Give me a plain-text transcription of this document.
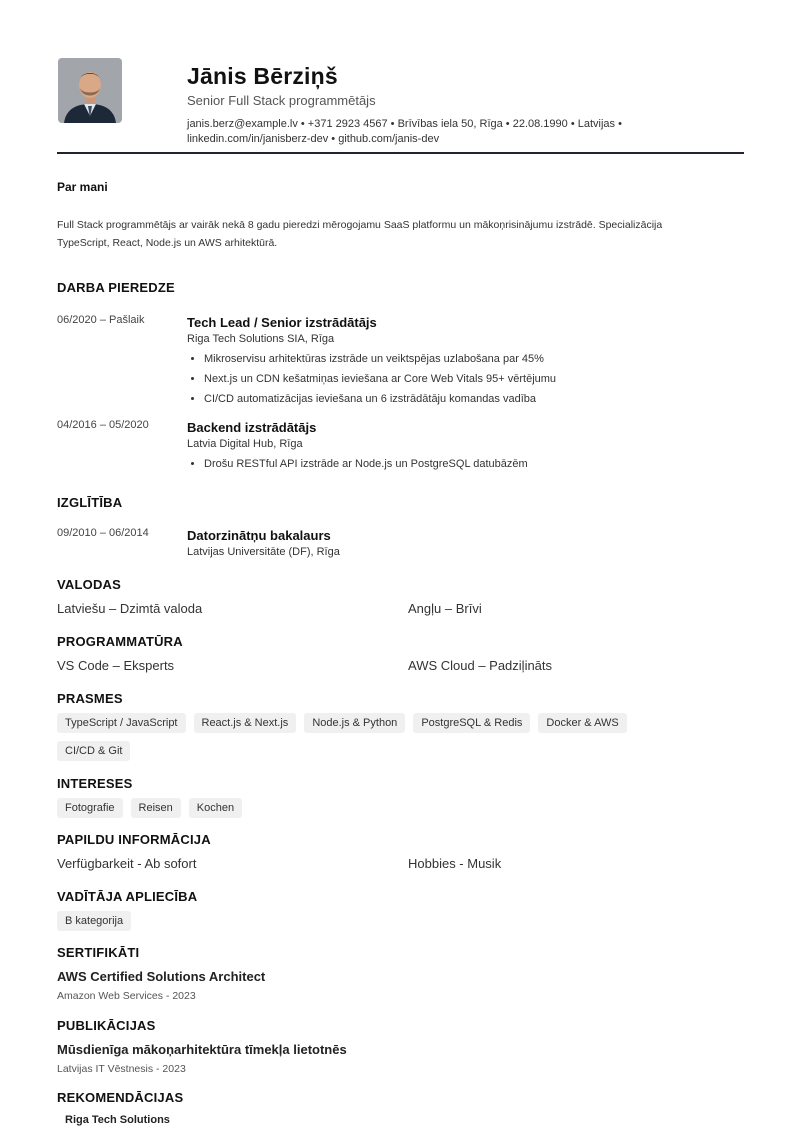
Jānis Bērziņš
Senior Full Stack programmētājs
janis.berz@example.lv • +371 2923 4567 • Brīvības iela 50, Rīga • 22.08.1990 • Latvijas •
linkedin.com/in/janisberz-dev • github.com/janis-dev
Par mani
Full Stack programmētājs ar vairāk nekā 8 gadu pieredzi mērogojamu SaaS platformu un mākoņrisinājumu izstrādē. Specializācija TypeScript, React, Node.js un AWS arhitektūrā.
DARBA PIEREDZE
06/2020 – Pašlaik	Tech Lead / Senior izstrādātājs
Riga Tech Solutions SIA, Rīga
• Mikroservisu arhitektūras izstrāde un veiktspējas uzlabošana par 45%
• Next.js un CDN kešatmiņas ieviešana ar Core Web Vitals 95+ vērtējumu
• CI/CD automatizācijas ieviešana un 6 izstrādātāju komandas vadība
04/2016 – 05/2020	Backend izstrādātājs
Latvia Digital Hub, Rīga
• Drošu RESTful API izstrāde ar Node.js un PostgreSQL datubāzēm
IZGLĪTĪBA
09/2010 – 06/2014	Datorzinātņu bakalaurs
Latvijas Universitāte (DF), Rīga
VALODAS
Latviešu – Dzimtā valoda	Angļu – Brīvi
PROGRAMMATŪRA
VS Code – Eksperts	AWS Cloud – Padziļināts
PRASMES
TypeScript / JavaScript	React.js & Next.js	Node.js & Python	PostgreSQL & Redis	Docker & AWS
CI/CD & Git
INTERESES
Fotografie	Reisen	Kochen
PAPILDU INFORMĀCIJA
Verfügbarkeit - Ab sofort	Hobbies - Musik
VADĪTĀJA APLIECĪBA
B kategorija
SERTIFIKĀTI
AWS Certified Solutions Architect
Amazon Web Services - 2023
PUBLIKĀCIJAS
Mūsdienīga mākoņarhitektūra tīmekļa lietotnēs
Latvijas IT Vēstnesis - 2023
REKOMENDĀCIJAS
Riga Tech Solutions
